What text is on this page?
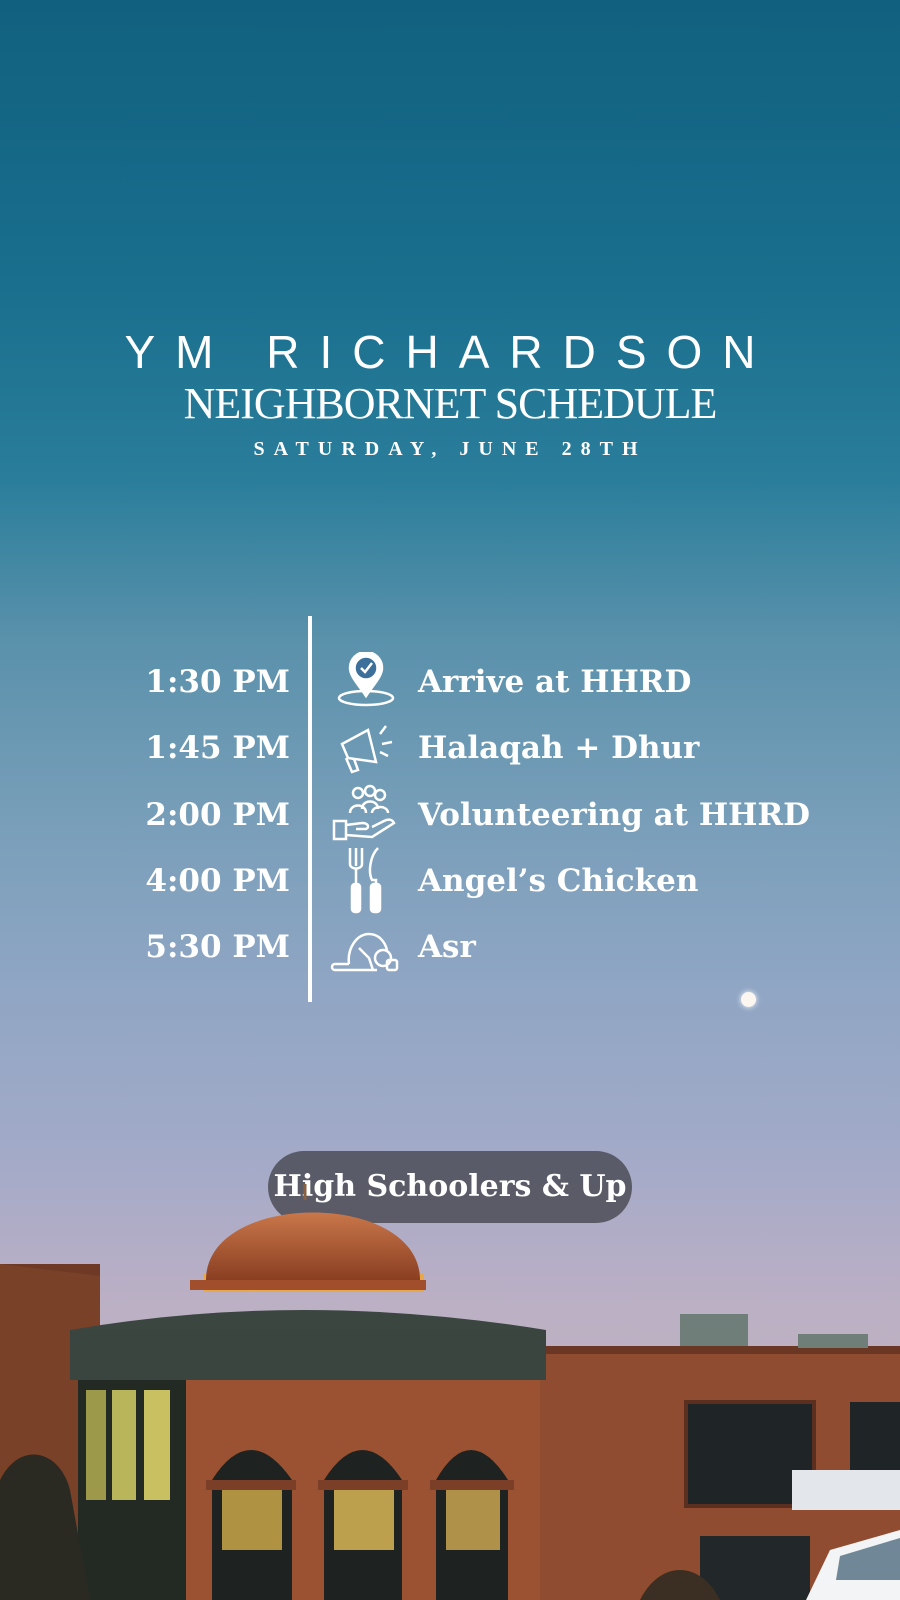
YM RICHARDSON
NEIGHBORNET SCHEDULE
SATURDAY, JUNE 28TH
1:30 PM	Arrive at HHRD
1:45 PM	Halaqah + Dhur
2:00 PM	Volunteering at HHRD
4:00 PM	Angel’s Chicken
5:30 PM	Asr
High Schoolers & Up
